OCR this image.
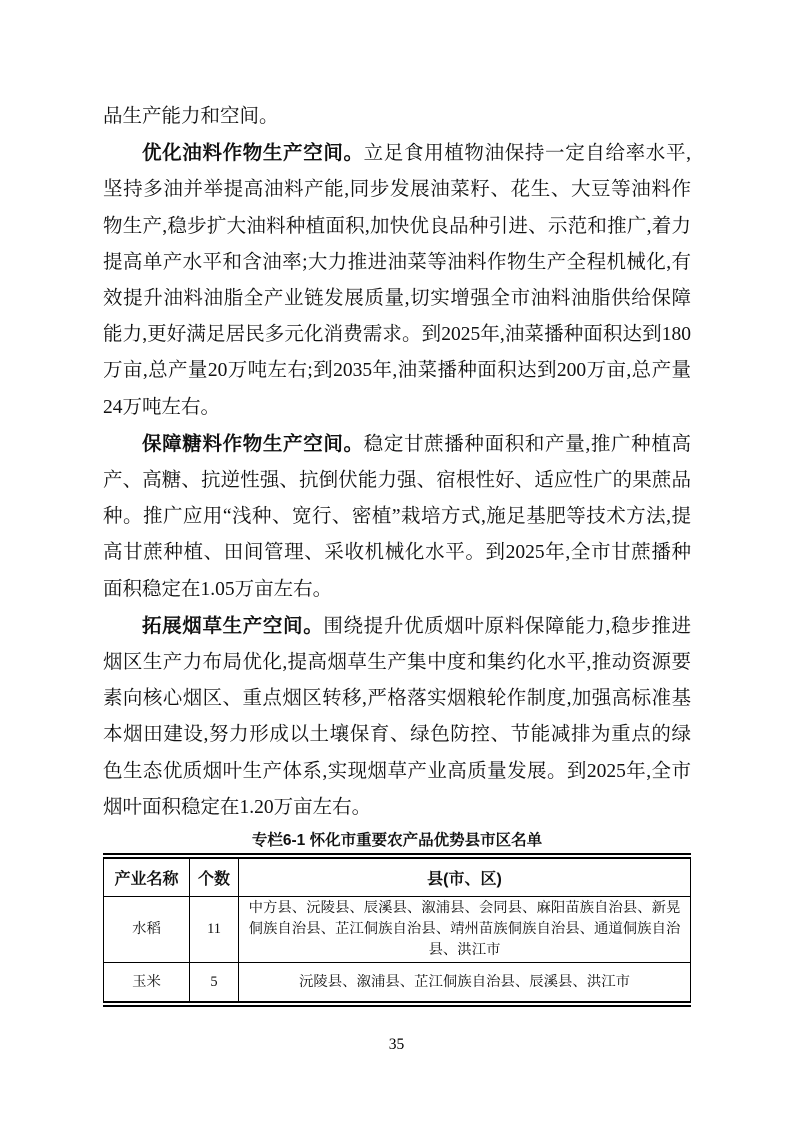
品生产能力和空间。

优化油料作物生产空间。立足食用植物油保持一定自给率水平,坚持多油并举提高油料产能,同步发展油菜籽、花生、大豆等油料作物生产,稳步扩大油料种植面积,加快优良品种引进、示范和推广,着力提高单产水平和含油率;大力推进油菜等油料作物生产全程机械化,有效提升油料油脂全产业链发展质量,切实增强全市油料油脂供给保障能力,更好满足居民多元化消费需求。到2025年,油菜播种面积达到180万亩,总产量20万吨左右;到2035年,油菜播种面积达到200万亩,总产量24万吨左右。

保障糖料作物生产空间。稳定甘蔗播种面积和产量,推广种植高产、高糖、抗逆性强、抗倒伏能力强、宿根性好、适应性广的果蔗品种。推广应用“浅种、宽行、密植”栽培方式,施足基肥等技术方法,提高甘蔗种植、田间管理、采收机械化水平。到2025年,全市甘蔗播种面积稳定在1.05万亩左右。

拓展烟草生产空间。围绕提升优质烟叶原料保障能力,稳步推进烟区生产力布局优化,提高烟草生产集中度和集约化水平,推动资源要素向核心烟区、重点烟区转移,严格落实烟粮轮作制度,加强高标准基本烟田建设,努力形成以土壤保育、绿色防控、节能减排为重点的绿色生态优质烟叶生产体系,实现烟草产业高质量发展。到2025年,全市烟叶面积稳定在1.20万亩左右。

专栏6-1 怀化市重要农产品优势县市区名单
产业名称	个数	县(市、区)
水稻	11	中方县、沅陵县、辰溪县、溆浦县、会同县、麻阳苗族自治县、新晃侗族自治县、芷江侗族自治县、靖州苗族侗族自治县、通道侗族自治县、洪江市
玉米	5	沅陵县、溆浦县、芷江侗族自治县、辰溪县、洪江市
35
